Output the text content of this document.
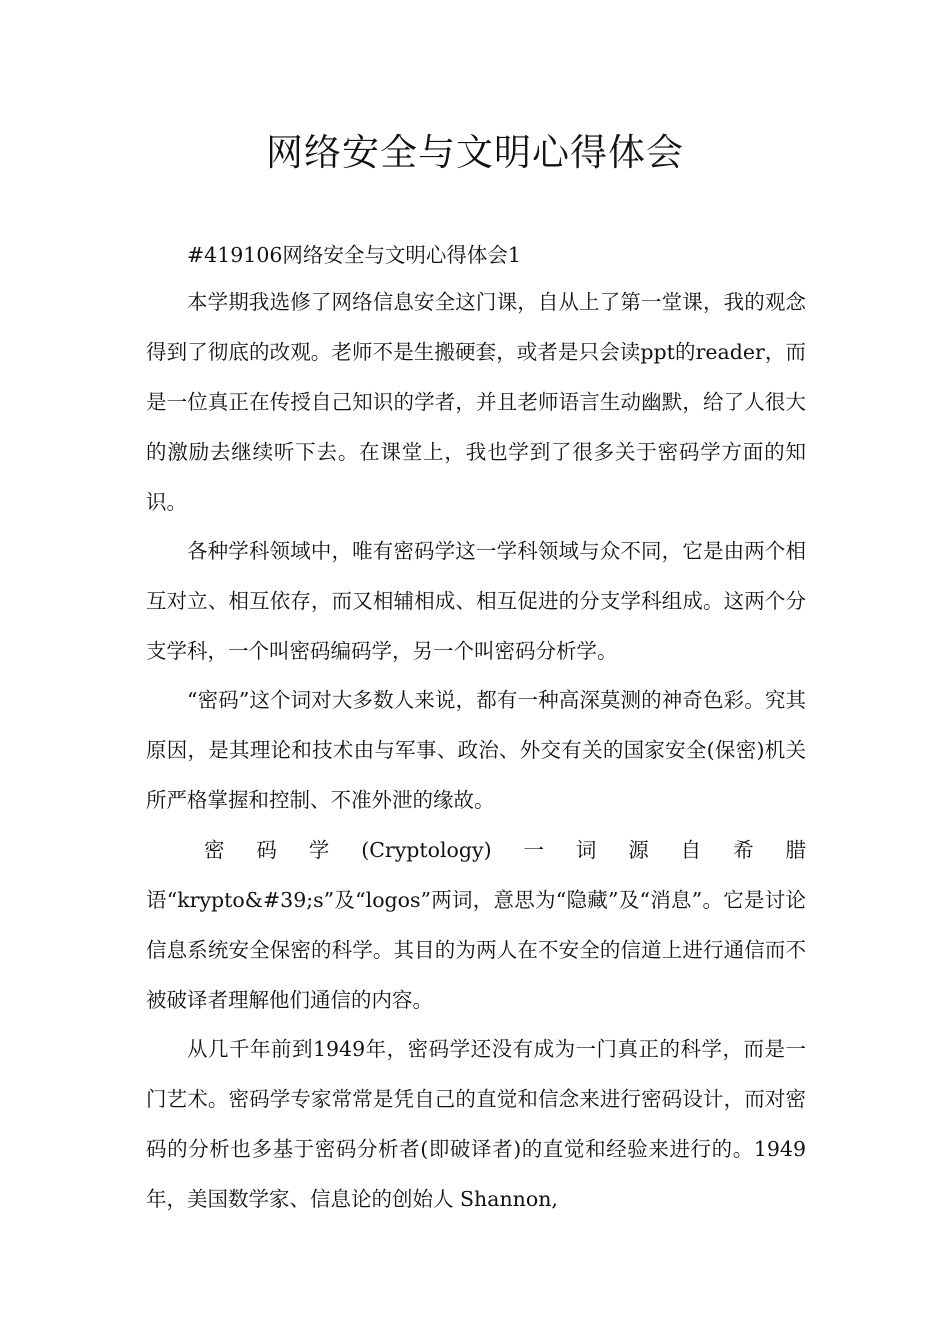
网络安全与文明心得体会

#419106网络安全与文明心得体会1

本学期我选修了网络信息安全这门课，自从上了第一堂课，我的观念得到了彻底的改观。老师不是生搬硬套，或者是只会读ppt的reader，而是一位真正在传授自己知识的学者，并且老师语言生动幽默，给了人很大的激励去继续听下去。在课堂上，我也学到了很多关于密码学方面的知识。

各种学科领域中，唯有密码学这一学科领域与众不同，它是由两个相互对立、相互依存，而又相辅相成、相互促进的分支学科组成。这两个分支学科，一个叫密码编码学，另一个叫密码分析学。

“密码”这个词对大多数人来说，都有一种高深莫测的神奇色彩。究其原因，是其理论和技术由与军事、政治、外交有关的国家安全(保密)机关所严格掌握和控制、不准外泄的缘故。

密码学(Cryptology)一词源自希腊语“krypto&#39;s”及“logos”两词，意思为“隐藏”及“消息”。它是讨论信息系统安全保密的科学。其目的为两人在不安全的信道上进行通信而不被破译者理解他们通信的内容。

从几千年前到1949年，密码学还没有成为一门真正的科学，而是一门艺术。密码学专家常常是凭自己的直觉和信念来进行密码设计，而对密码的分析也多基于密码分析者(即破译者)的直觉和经验来进行的。1949年，美国数学家、信息论的创始人 Shannon,
